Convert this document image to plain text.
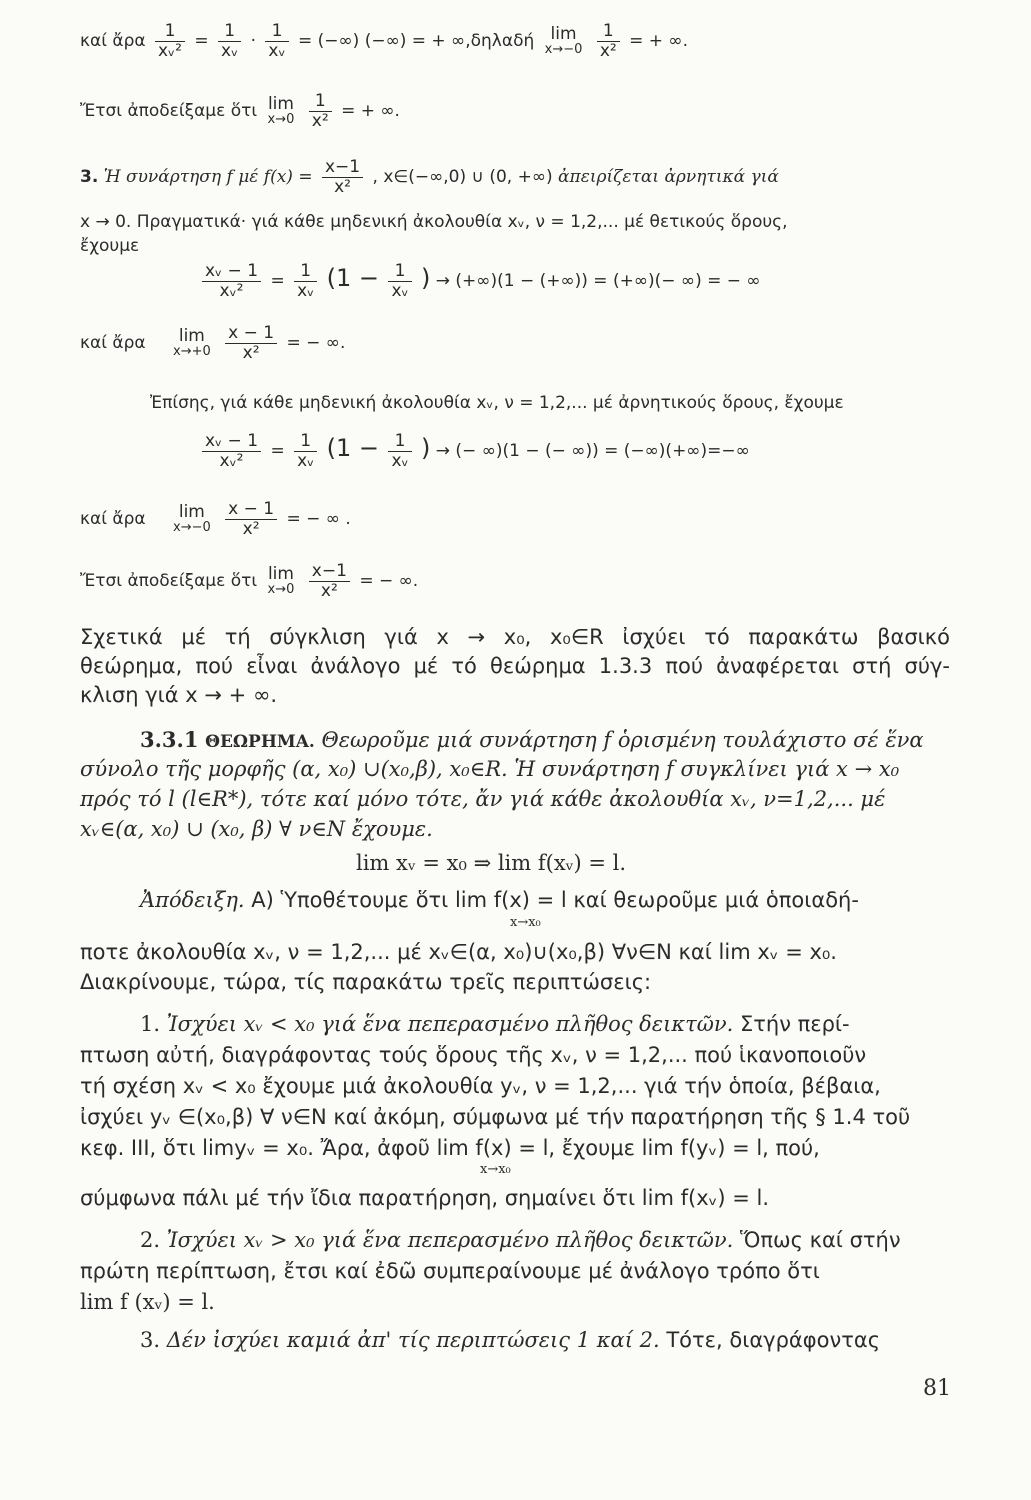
καί ἄρα $\frac{1}{\text{xᵥ²}} = \frac{1}{\text{xᵥ}} \cdot \frac{1}{\text{xᵥ}}$ = (−∞) (−∞) = + ∞,δηλαδή lim
x→−0
$\frac{1}{\text{x²}}$ = + ∞.
Ἔτσι ἀποδείξαμε ὅτι lim
x→0
$\frac{1}{\text{x²}}$ = + ∞.
3. Ἡ συνάρτηση f μέ $f(x) = \frac{x-1}{\text{x²}}$ , x∈(−∞,0) ∪ (0, +∞) ἀπειρίζεται ἀρνητικά γιά
x → 0. Πραγματικά· γιά κάθε μηδενική ἀκολουθία xᵥ, ν = 1,2,... μέ θετικούς ὅρους,
ἔχουμε
$\frac{\text{xᵥ − 1}}{\text{xᵥ²}} = \frac{1}{\text{xᵥ}} (1 - \frac{1}{\text{xᵥ}}$ ) → (+∞)(1 − (+∞)) = (+∞)(− ∞) = − ∞
καί ἄρα	lim
x→+0
$\frac{x - 1}{\text{x²}}$ = − ∞.
Ἐπίσης, γιά κάθε μηδενική ἀκολουθία xᵥ, ν = 1,2,... μέ ἀρνητικούς ὅρους, ἔχουμε
$\frac{\text{xᵥ − 1}}{\text{xᵥ²}} = \frac{1}{\text{xᵥ}} (1 - \frac{1}{\text{xᵥ}}$ ) → (− ∞)(1 − (− ∞)) = (−∞)(+∞)=−∞
καί ἄρα	lim
x→−0
$\frac{x - 1}{\text{x²}}$ = − ∞ .
Ἔτσι ἀποδείξαμε ὅτι lim
x→0
$\frac{x-1}{\text{x²}}$ = − ∞.
Σχετικά μέ τή σύγκλιση γιά x → x₀, x₀∈R ἰσχύει τό παρακάτω βασικό
θεώρημα, πού εἶναι ἀνάλογο μέ τό θεώρημα 1.3.3 πού ἀναφέρεται στή σύγ-
κλιση γιά x → + ∞.
3.3.1 ΘΕΩΡΗΜΑ. Θεωροῦμε μιά συνάρτηση f ὁρισμένη τουλάχιστο σέ ἕνα
σύνολο τῆς μορφῆς (α, x₀) ∪(x₀,β), x₀∈R. Ἡ συνάρτηση f συγκλίνει γιά x → x₀
πρός τό l (l∈R*), τότε καί μόνο τότε, ἄν γιά κάθε ἀκολουθία xᵥ, ν=1,2,... μέ
xᵥ∈(α, x₀) ∪ (x₀, β) ∀ ν∈N ἔχουμε.
lim xᵥ = x₀ ⇒ lim f(xᵥ) = l.
Ἀπόδειξη. Α) Ὑποθέτουμε ὅτι lim f(x) = l καί θεωροῦμε μιά ὁποιαδή-
x→x₀
ποτε ἀκολουθία xᵥ, ν = 1,2,... μέ xᵥ∈(α, x₀)∪(x₀,β) ∀ν∈N καί lim xᵥ = x₀.
Διακρίνουμε, τώρα, τίς παρακάτω τρεῖς περιπτώσεις:
1. Ἰσχύει xᵥ < x₀ γιά ἕνα πεπερασμένο πλῆθος δεικτῶν. Στήν περί-
πτωση αὐτή, διαγράφοντας τούς ὅρους τῆς xᵥ, ν = 1,2,... πού ἱκανοποιοῦν
τή σχέση xᵥ < x₀ ἔχουμε μιά ἀκολουθία yᵥ, ν = 1,2,... γιά τήν ὁποία, βέβαια,
ἰσχύει yᵥ ∈(x₀,β) ∀ ν∈N καί ἀκόμη, σύμφωνα μέ τήν παρατήρηση τῆς § 1.4 τοῦ
κεφ. III, ὅτι limyᵥ = x₀. Ἄρα, ἀφοῦ lim f(x) = l, ἔχουμε lim f(yᵥ) = l, πού,
x→x₀
σύμφωνα πάλι μέ τήν ἴδια παρατήρηση, σημαίνει ὅτι lim f(xᵥ) = l.
2. Ἰσχύει xᵥ > x₀ γιά ἕνα πεπερασμένο πλῆθος δεικτῶν. Ὅπως καί στήν
πρώτη περίπτωση, ἔτσι καί ἐδῶ συμπεραίνουμε μέ ἀνάλογο τρόπο ὅτι
lim f (xᵥ) = l.
3. Δέν ἰσχύει καμιά ἀπ' τίς περιπτώσεις 1 καί 2. Τότε, διαγράφοντας
81
